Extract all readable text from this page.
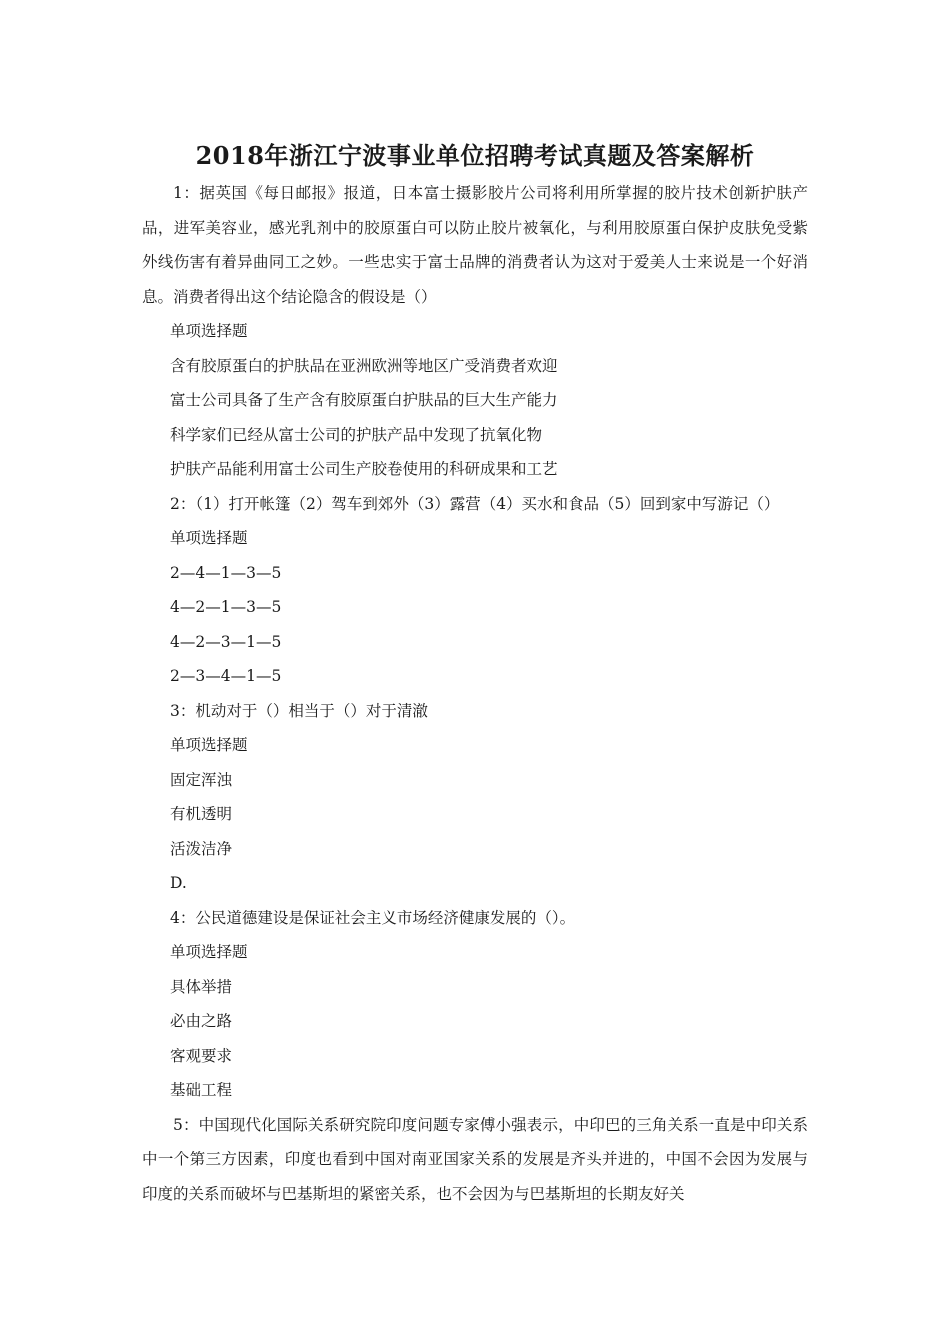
2018年浙江宁波事业单位招聘考试真题及答案解析

1：据英国《每日邮报》报道，日本富士摄影胶片公司将利用所掌握的胶片技术创新护肤产品，进军美容业，感光乳剂中的胶原蛋白可以防止胶片被氧化，与利用胶原蛋白保护皮肤免受紫外线伤害有着异曲同工之妙。一些忠实于富士品牌的消费者认为这对于爱美人士来说是一个好消息。消费者得出这个结论隐含的假设是（）

单项选择题

含有胶原蛋白的护肤品在亚洲欧洲等地区广受消费者欢迎

富士公司具备了生产含有胶原蛋白护肤品的巨大生产能力

科学家们已经从富士公司的护肤产品中发现了抗氧化物

护肤产品能利用富士公司生产胶卷使用的科研成果和工艺

2：（1）打开帐篷（2）驾车到郊外（3）露营（4）买水和食品（5）回到家中写游记（）

单项选择题

2—4—1—3—5

4—2—1—3—5

4—2—3—1—5

2—3—4—1—5

3：机动对于（）相当于（）对于清澈

单项选择题

固定浑浊

有机透明

活泼洁净

D.

4：公民道德建设是保证社会主义市场经济健康发展的（）。

单项选择题

具体举措

必由之路

客观要求

基础工程

5：中国现代化国际关系研究院印度问题专家傅小强表示，中印巴的三角关系一直是中印关系中一个第三方因素，印度也看到中国对南亚国家关系的发展是齐头并进的，中国不会因为发展与印度的关系而破坏与巴基斯坦的紧密关系，也不会因为与巴基斯坦的长期友好关
